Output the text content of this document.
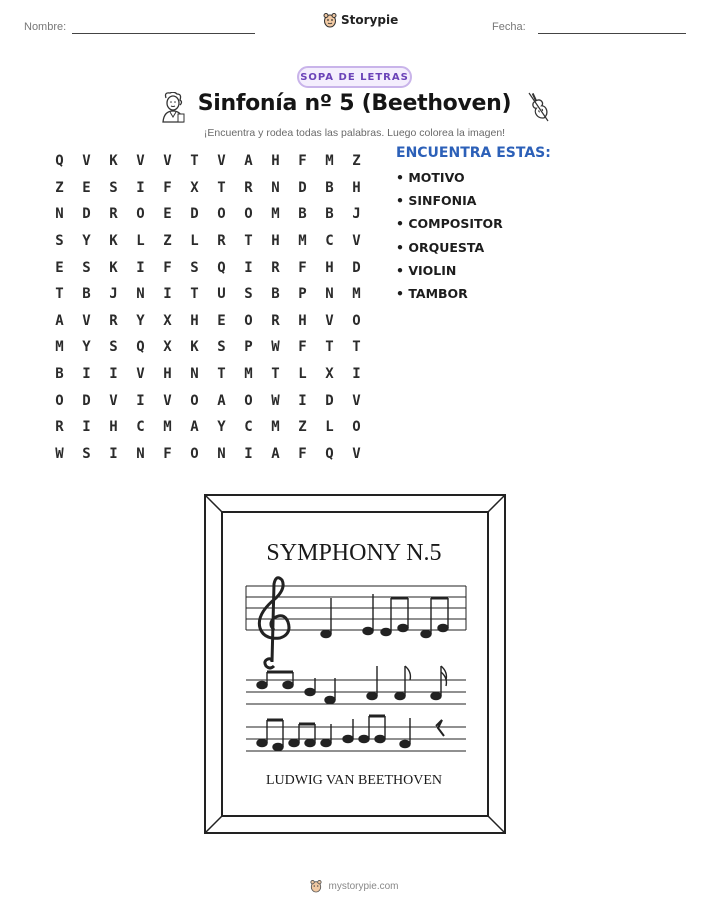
Nombre:	Storypie	Fecha:
SOPA DE LETRAS
Sinfonía nº 5 (Beethoven)
¡Encuentra y rodea todas las palabras. Luego colorea la imagen!
Q	V	K	V	V	T	V	A	H	F	M	Z
Z	E	S	I	F	X	T	R	N	D	B	H
N	D	R	O	E	D	O	O	M	B	B	J
S	Y	K	L	Z	L	R	T	H	M	C	V
E	S	K	I	F	S	Q	I	R	F	H	D
T	B	J	N	I	T	U	S	B	P	N	M
A	V	R	Y	X	H	E	O	R	H	V	O
M	Y	S	Q	X	K	S	P	W	F	T	T
B	I	I	V	H	N	T	M	T	L	X	I
O	D	V	I	V	O	A	O	W	I	D	V
R	I	H	C	M	A	Y	C	M	Z	L	O
W	S	I	N	F	O	N	I	A	F	Q	V
ENCUENTRA ESTAS:
• MOTIVO
• SINFONIA
• COMPOSITOR
• ORQUESTA
• VIOLIN
• TAMBOR
SYMPHONY N.5
LUDWIG VAN BEETHOVEN
mystorypie.com
